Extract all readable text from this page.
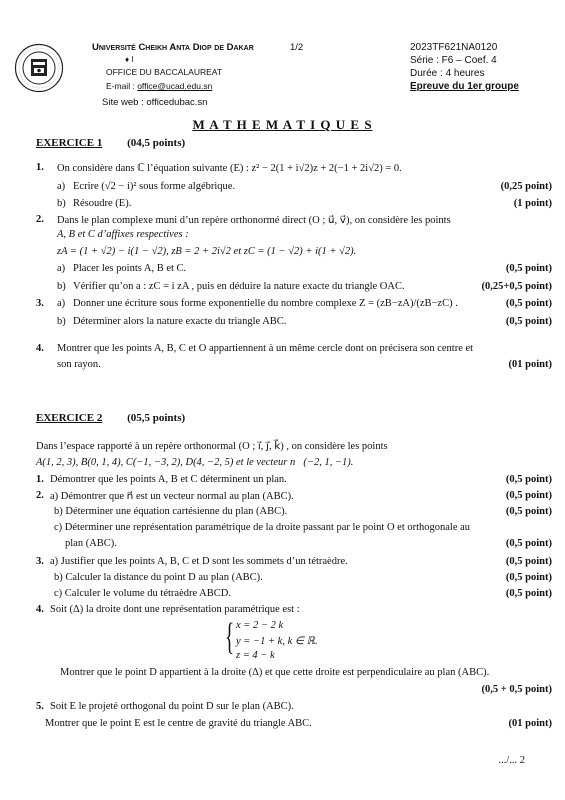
Université Cheikh Anta Diop de Dakar	1/2
♦ I
OFFICE DU BACCALAUREAT
E-mail : office@ucad.edu.sn
Site web : officedubac.sn
2023TF621NA0120
Série : F6 – Coef. 4
Durée : 4 heures
Epreuve du 1er groupe
M A T H E M A T I Q U E S
EXERCICE 1 (04,5 points)
1. On considère dans ℂ l’équation suivante (E) : z² − 2(1 + i√2)z + 2(−1 + 2i√2) = 0.
a) Ecrire (√2 − i)² sous forme algébrique.	(0,25 point)
b) Résoudre (E).	(1 point)
2. Dans le plan complexe muni d’un repère orthonormé direct (O ; u⃗, v⃗), on considère les points
A, B et C d’affixes respectives :
zA = (1 + √2) − i(1 − √2), zB = 2 + 2i√2 et zC = (1 − √2) + i(1 + √2).
a) Placer les points A, B et C.	(0,5 point)
b) Vérifier qu’on a : zC = i zA , puis en déduire la nature exacte du triangle OAC.	(0,25+0,5 point)
3. a) Donner une écriture sous forme exponentielle du nombre complexe Z = (zB−zA)/(zB−zC) .	(0,5 point)
b) Déterminer alors la nature exacte du triangle ABC.	(0,5 point)
4. Montrer que les points A, B, C et O appartiennent à un même cercle dont on précisera son centre et
son rayon.	(01 point)
EXERCICE 2 (05,5 points)
Dans l’espace rapporté à un repère orthonormal (O ; i⃗, j⃗, k⃗) , on considère les points
A(1, 2, 3), B(0, 1, 4), C(−1, −3, 2), D(4, −2, 5) et le vecteur n⃗(−2, 1, −1).
1. Démontrer que les points A, B et C déterminent un plan.	(0,5 point)
2. a) Démontrer que n⃗ est un vecteur normal au plan (ABC).	(0,5 point)
b) Déterminer une équation cartésienne du plan (ABC).	(0,5 point)
c) Déterminer une représentation paramétrique de la droite passant par le point O et orthogonale au
plan (ABC).	(0,5 point)
3. a) Justifier que les points A, B, C et D sont les sommets d’un tétraèdre.	(0,5 point)
b) Calculer la distance du point D au plan (ABC).	(0,5 point)
c) Calculer le volume du tétraèdre ABCD.	(0,5 point)
4. Soit (Δ) la droite dont une représentation paramétrique est :
{ x = 2 − 2 k
y = −1 + k, k ∈ ℝ.
z = 4 − k
Montrer que le point D appartient à la droite (Δ) et que cette droite est perpendiculaire au plan (ABC).
(0,5 + 0,5 point)
5. Soit E le projeté orthogonal du point D sur le plan (ABC).
Montrer que le point E est le centre de gravité du triangle ABC.	(01 point)
.../... 2
